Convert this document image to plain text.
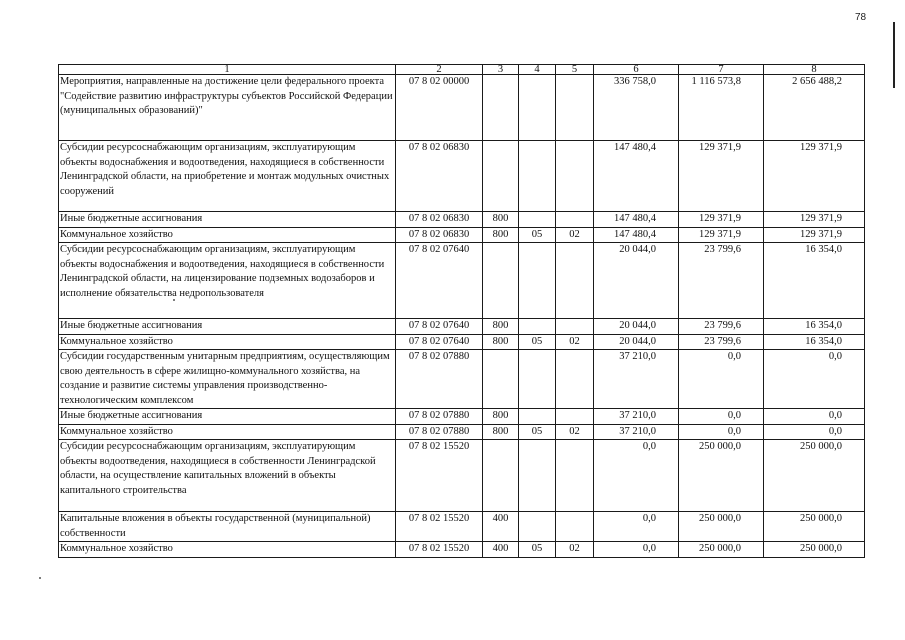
78
1	2	3	4	5	6	7	8
Мероприятия, направленные на достижение цели федерального проекта "Содействие развитию инфраструктуры субъектов Российской Федерации (муниципальных образований)"	07 8 02 00000				336 758,0	1 116 573,8	2 656 488,2
Субсидии ресурсоснабжающим организациям, эксплуатирующим объекты водоснабжения и водоотведения, находящиеся в собственности Ленинградской области, на приобретение и монтаж модульных очистных сооружений	07 8 02 06830				147 480,4	129 371,9	129 371,9
Иные бюджетные ассигнования	07 8 02 06830	800			147 480,4	129 371,9	129 371,9
Коммунальное хозяйство	07 8 02 06830	800	05	02	147 480,4	129 371,9	129 371,9
Субсидии ресурсоснабжающим организациям, эксплуатирующим объекты водоснабжения и водоотведения, находящиеся в собственности Ленинградской области, на лицензирование подземных водозаборов и исполнение обязательства недропользователя	07 8 02 07640				20 044,0	23 799,6	16 354,0
Иные бюджетные ассигнования	07 8 02 07640	800			20 044,0	23 799,6	16 354,0
Коммунальное хозяйство	07 8 02 07640	800	05	02	20 044,0	23 799,6	16 354,0
Субсидии государственным унитарным предприятиям, осуществляющим свою деятельность в сфере жилищно-коммунального хозяйства, на создание и развитие системы управления производственно-технологическим комплексом	07 8 02 07880				37 210,0	0,0	0,0
Иные бюджетные ассигнования	07 8 02 07880	800			37 210,0	0,0	0,0
Коммунальное хозяйство	07 8 02 07880	800	05	02	37 210,0	0,0	0,0
Субсидии ресурсоснабжающим организациям, эксплуатирующим объекты водоотведения, находящиеся в собственности Ленинградской области, на осуществление капитальных вложений в объекты капитального строительства	07 8 02 15520				0,0	250 000,0	250 000,0
Капитальные вложения в объекты государственной (муниципальной) собственности	07 8 02 15520	400			0,0	250 000,0	250 000,0
Коммунальное хозяйство	07 8 02 15520	400	05	02	0,0	250 000,0	250 000,0
